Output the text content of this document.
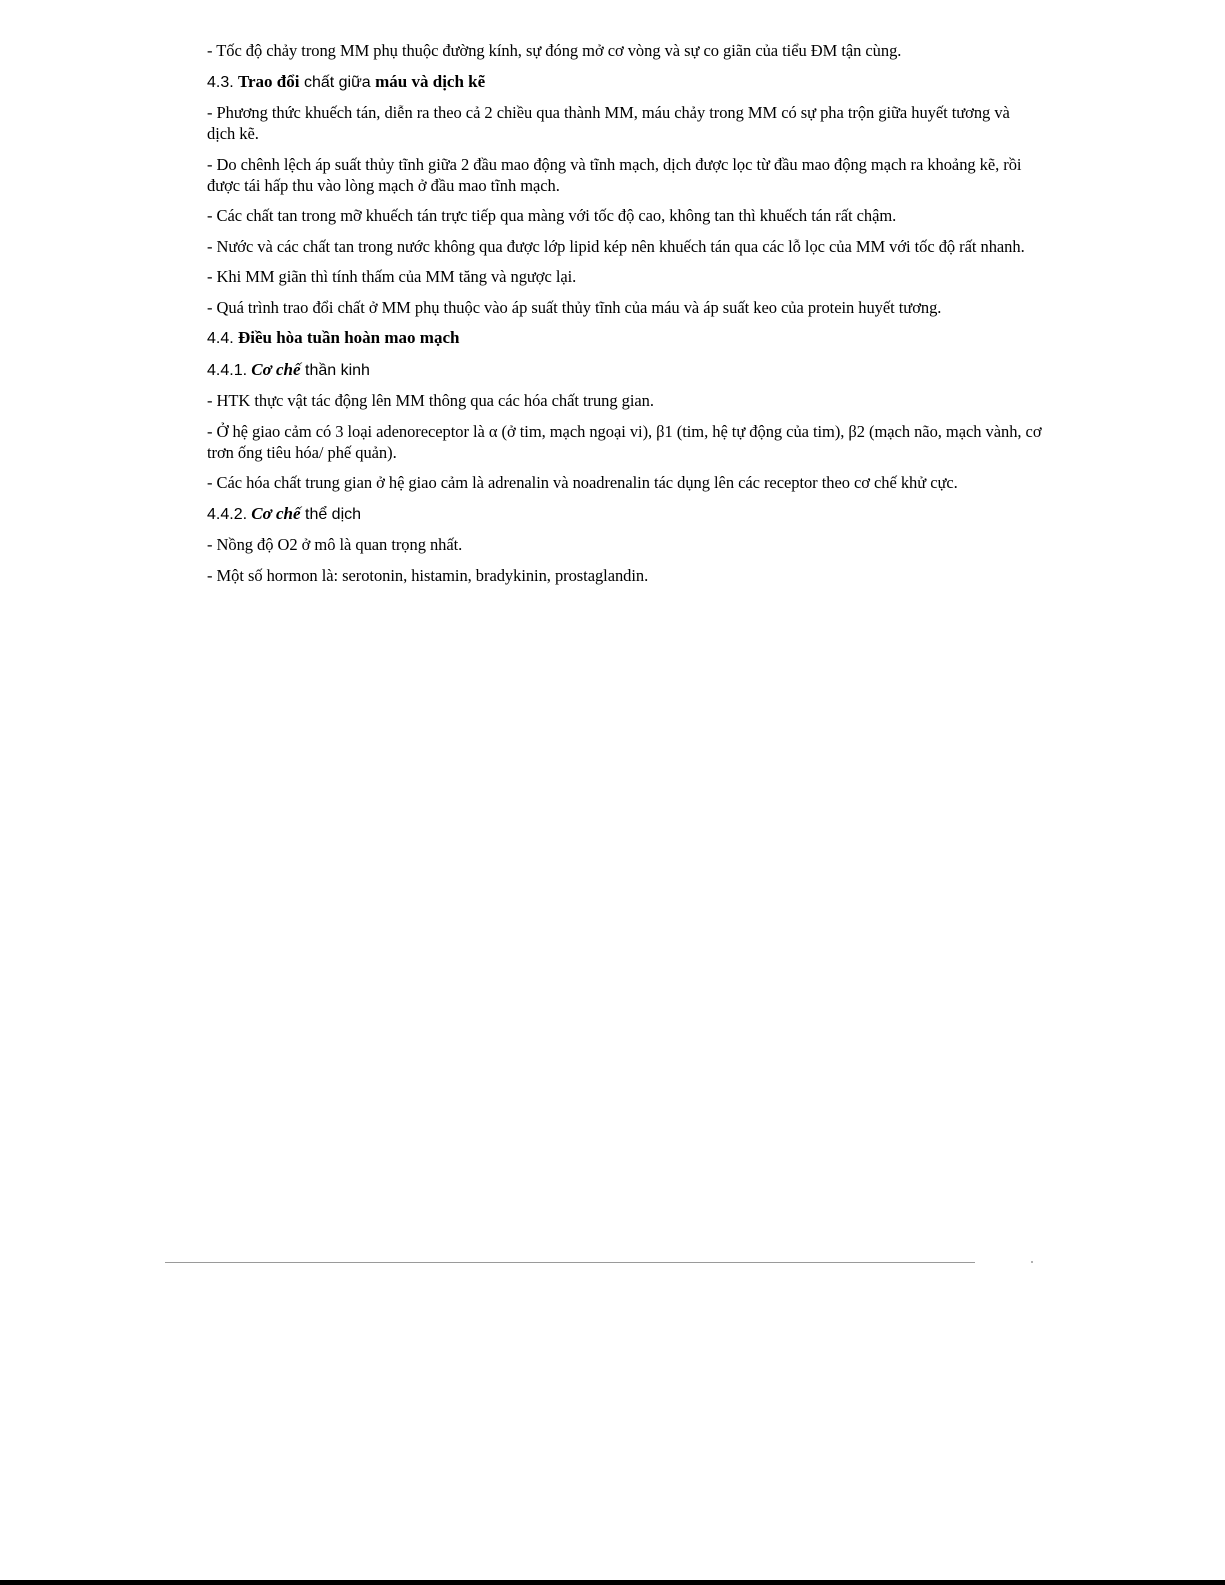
- Tốc độ chảy trong MM phụ thuộc đường kính, sự đóng mở cơ vòng và sự co giãn của tiểu ĐM tận cùng.

4.3. Trao đổi chất giữa máu và dịch kẽ

- Phương thức khuếch tán, diễn ra theo cả 2 chiều qua thành MM, máu chảy trong MM có sự pha trộn giữa huyết tương và dịch kẽ.

- Do chênh lệch áp suất thủy tĩnh giữa 2 đầu mao động và tĩnh mạch, dịch được lọc từ đầu mao động mạch ra khoảng kẽ, rồi được tái hấp thu vào lòng mạch ở đầu mao tĩnh mạch.

- Các chất tan trong mỡ khuếch tán trực tiếp qua màng với tốc độ cao, không tan thì khuếch tán rất chậm.

- Nước và các chất tan trong nước không qua được lớp lipid kép nên khuếch tán qua các lỗ lọc của MM với tốc độ rất nhanh.

- Khi MM giãn thì tính thấm của MM tăng và ngược lại.

- Quá trình trao đổi chất ở MM phụ thuộc vào áp suất thủy tĩnh của máu và áp suất keo của protein huyết tương.

4.4. Điều hòa tuần hoàn mao mạch

4.4.1. Cơ chế thần kinh

- HTK thực vật tác động lên MM thông qua các hóa chất trung gian.

- Ở hệ giao cảm có 3 loại adenoreceptor là α (ở tim, mạch ngoại vi), β1 (tim, hệ tự động của tim), β2 (mạch não, mạch vành, cơ trơn ống tiêu hóa/ phế quản).

- Các hóa chất trung gian ở hệ giao cảm là adrenalin và noadrenalin tác dụng lên các receptor theo cơ chế khử cực.

4.4.2. Cơ chế thể dịch

- Nồng độ O2 ở mô là quan trọng nhất.

- Một số hormon là: serotonin, histamin, bradykinin, prostaglandin.
